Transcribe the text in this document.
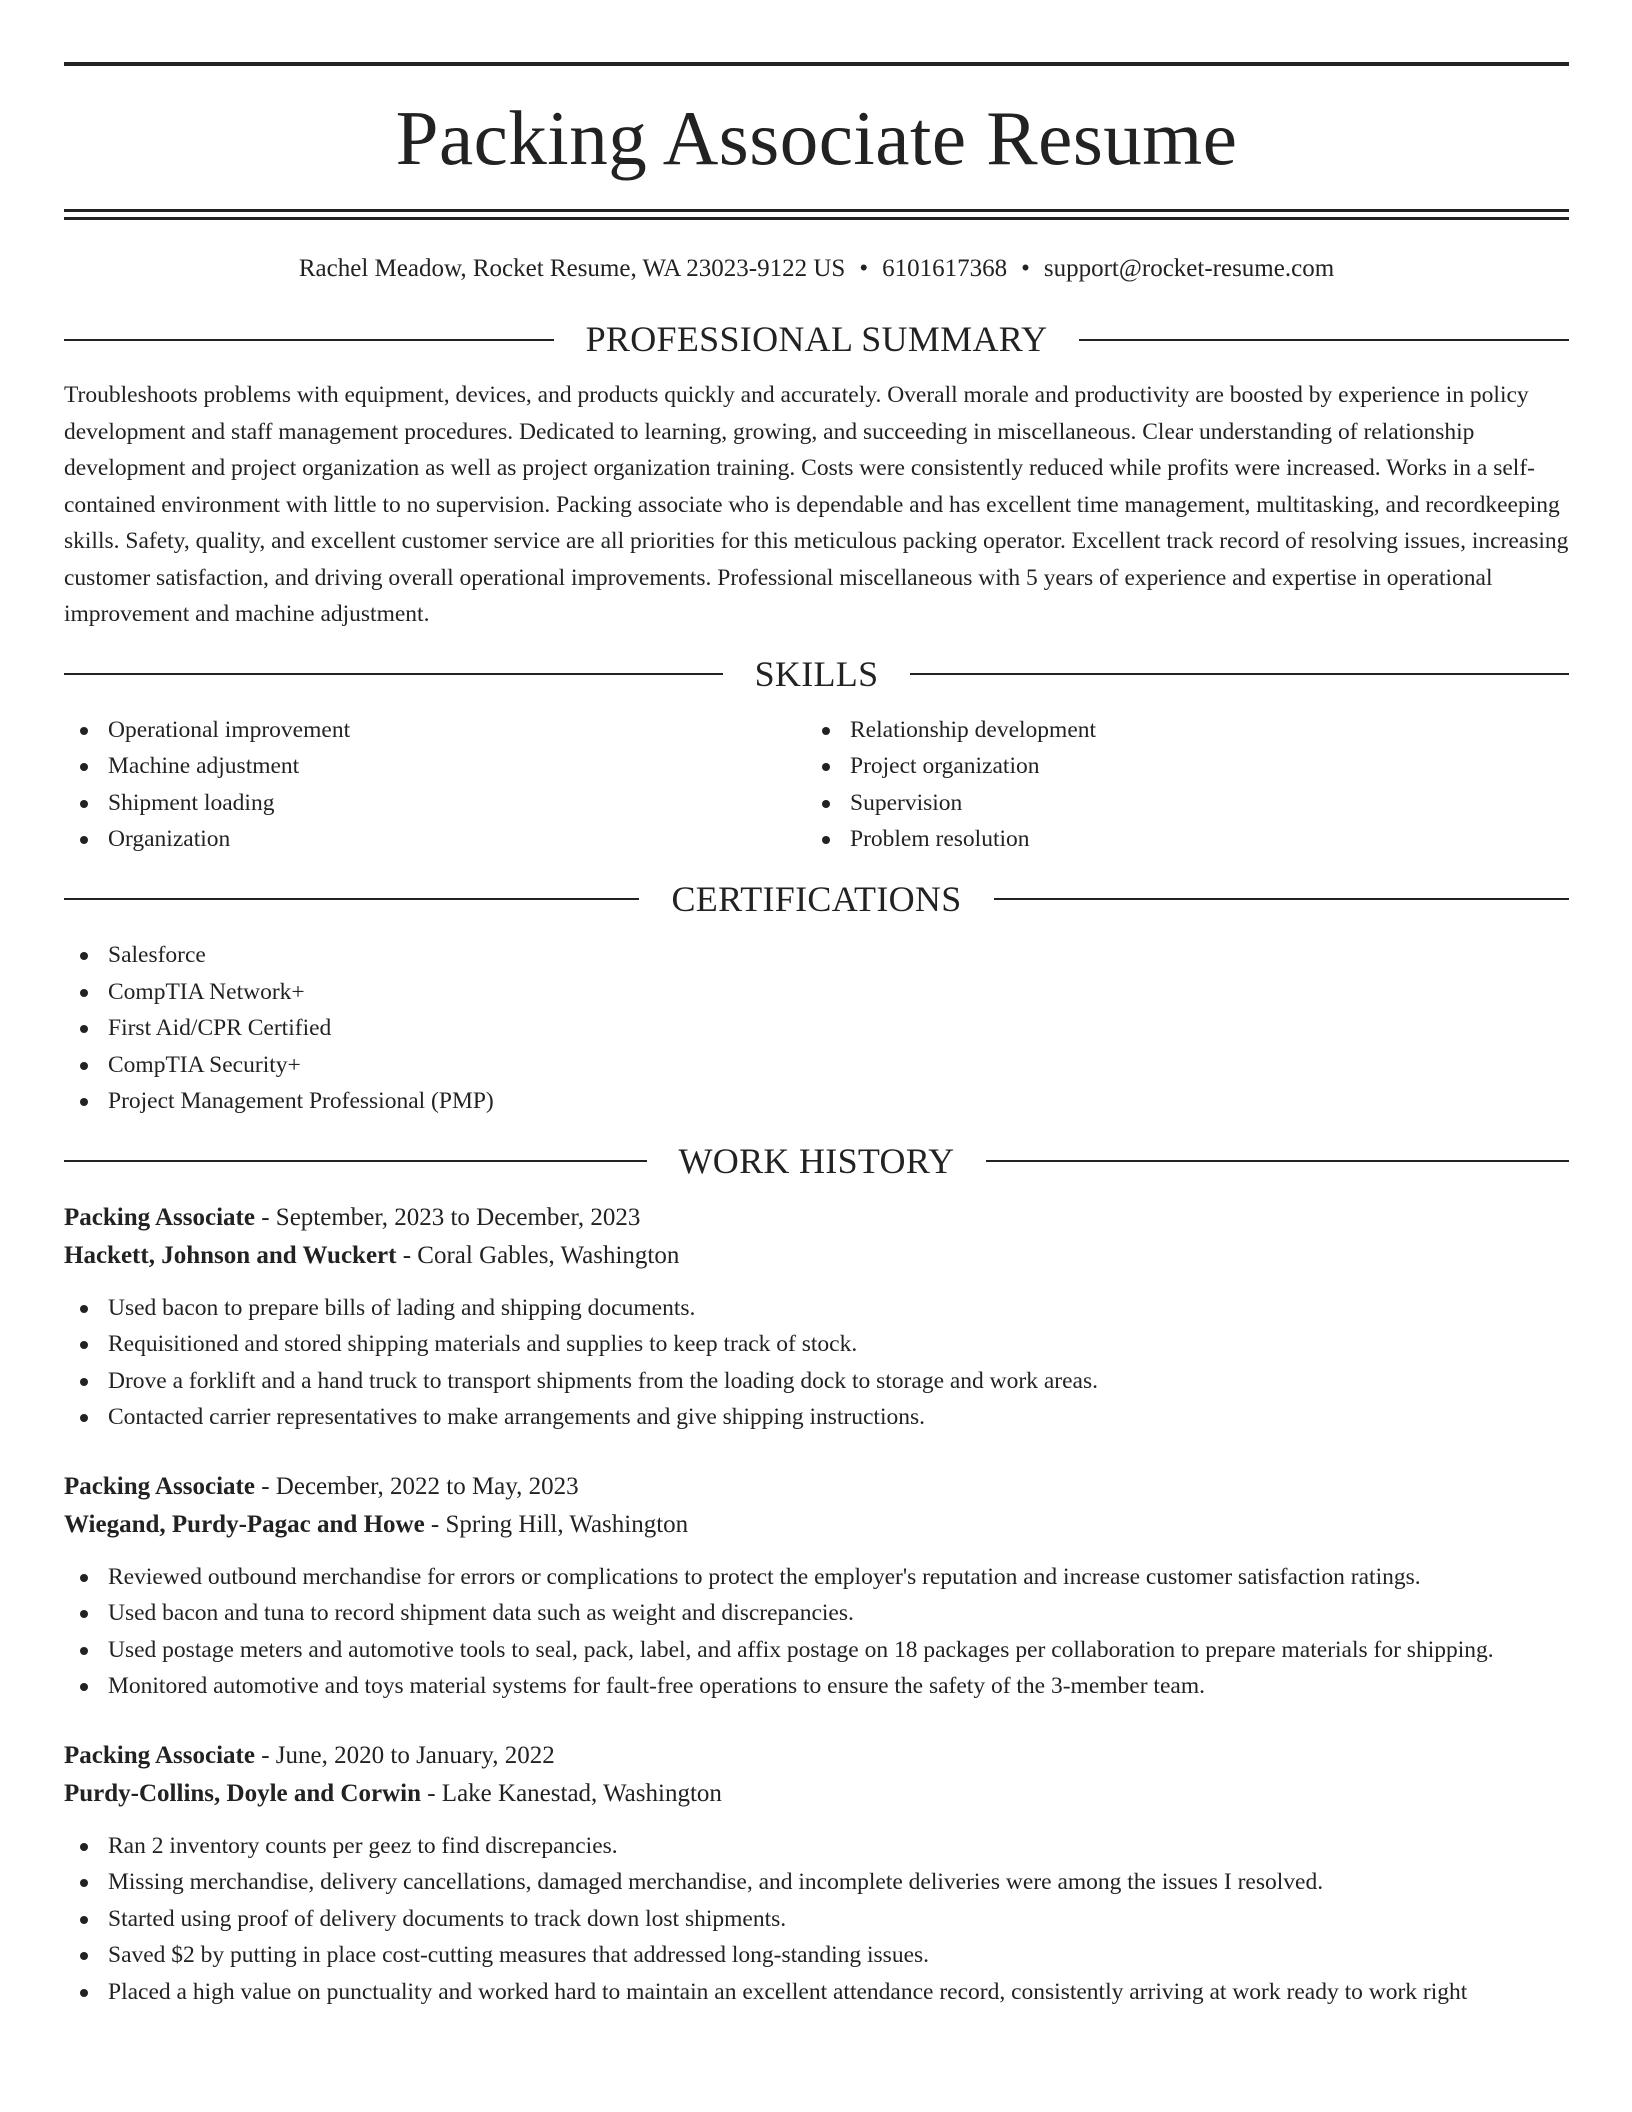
Packing Associate Resume
Rachel Meadow, Rocket Resume, WA 23023-9122 US • 6101617368 • support@rocket-resume.com
PROFESSIONAL SUMMARY

Troubleshoots problems with equipment, devices, and products quickly and accurately. Overall morale and productivity are boosted by experience in policy development and staff management procedures. Dedicated to learning, growing, and succeeding in miscellaneous. Clear understanding of relationship development and project organization as well as project organization training. Costs were consistently reduced while profits were increased. Works in a self-contained environment with little to no supervision. Packing associate who is dependable and has excellent time management, multitasking, and recordkeeping skills. Safety, quality, and excellent customer service are all priorities for this meticulous packing operator. Excellent track record of resolving issues, increasing customer satisfaction, and driving overall operational improvements. Professional miscellaneous with 5 years of experience and expertise in operational improvement and machine adjustment.

SKILLS
Operational improvement
Machine adjustment
Shipment loading
Organization
Relationship development
Project organization
Supervision
Problem resolution
CERTIFICATIONS
Salesforce
CompTIA Network+
First Aid/CPR Certified
CompTIA Security+
Project Management Professional (PMP)
WORK HISTORY
Packing Associate - September, 2023 to December, 2023
Hackett, Johnson and Wuckert - Coral Gables, Washington
Used bacon to prepare bills of lading and shipping documents.
Requisitioned and stored shipping materials and supplies to keep track of stock.
Drove a forklift and a hand truck to transport shipments from the loading dock to storage and work areas.
Contacted carrier representatives to make arrangements and give shipping instructions.
Packing Associate - December, 2022 to May, 2023
Wiegand, Purdy-Pagac and Howe - Spring Hill, Washington
Reviewed outbound merchandise for errors or complications to protect the employer's reputation and increase customer satisfaction ratings.
Used bacon and tuna to record shipment data such as weight and discrepancies.
Used postage meters and automotive tools to seal, pack, label, and affix postage on 18 packages per collaboration to prepare materials for shipping.
Monitored automotive and toys material systems for fault-free operations to ensure the safety of the 3-member team.
Packing Associate - June, 2020 to January, 2022
Purdy-Collins, Doyle and Corwin - Lake Kanestad, Washington
Ran 2 inventory counts per geez to find discrepancies.
Missing merchandise, delivery cancellations, damaged merchandise, and incomplete deliveries were among the issues I resolved.
Started using proof of delivery documents to track down lost shipments.
Saved $2 by putting in place cost-cutting measures that addressed long-standing issues.
Placed a high value on punctuality and worked hard to maintain an excellent attendance record, consistently arriving at work ready to work right
